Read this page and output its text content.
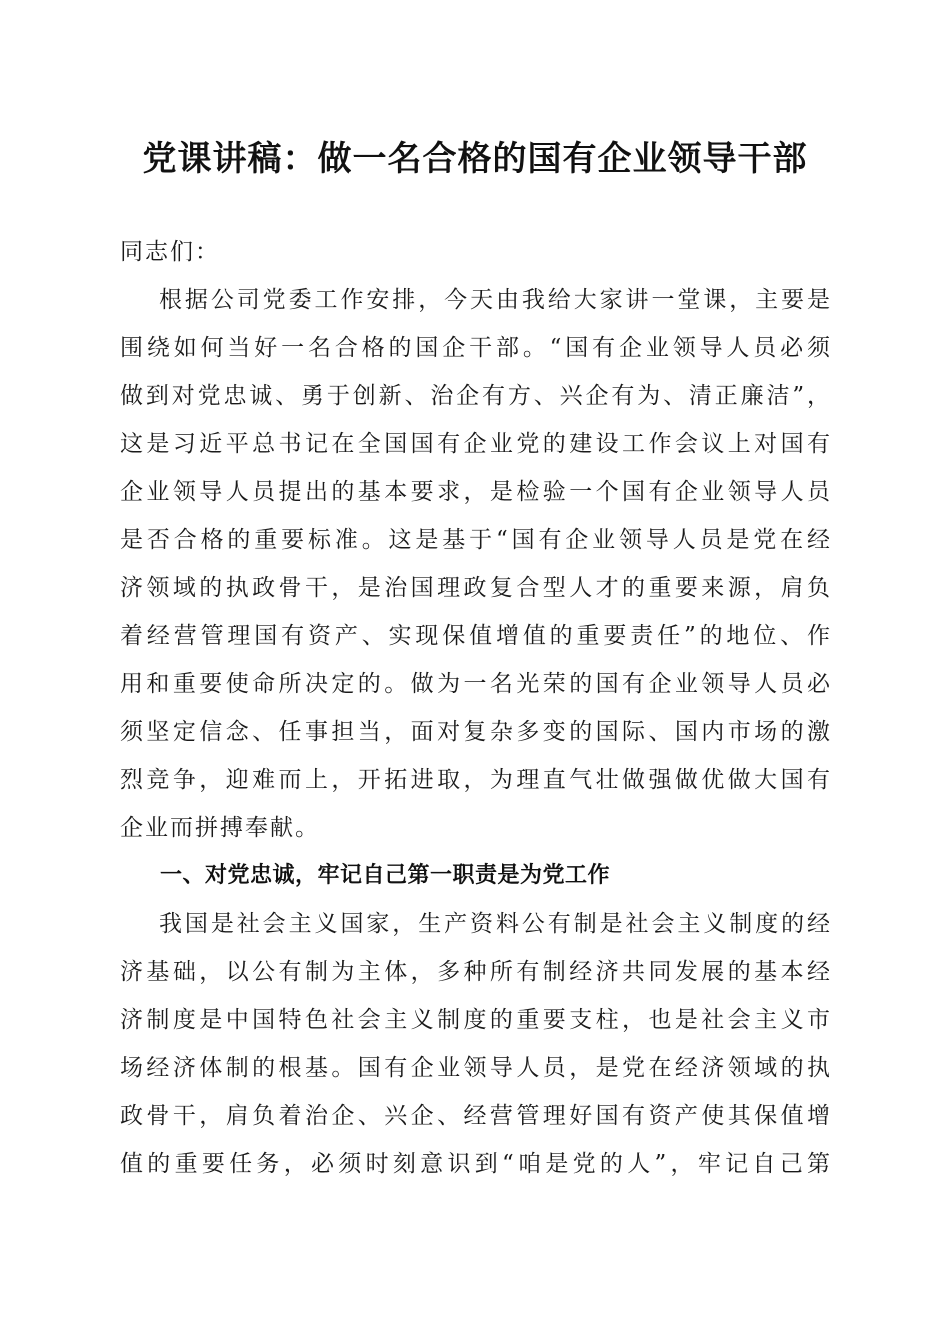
党课讲稿：做一名合格的国有企业领导干部
同志们：
根据公司党委工作安排，今天由我给大家讲一堂课，主要是
围绕如何当好一名合格的国企干部。“国有企业领导人员必须
做到对党忠诚、勇于创新、治企有方、兴企有为、清正廉洁”，
这是习近平总书记在全国国有企业党的建设工作会议上对国有
企业领导人员提出的基本要求，是检验一个国有企业领导人员
是否合格的重要标准。这是基于“国有企业领导人员是党在经
济领域的执政骨干，是治国理政复合型人才的重要来源，肩负
着经营管理国有资产、实现保值增值的重要责任”的地位、作
用和重要使命所决定的。做为一名光荣的国有企业领导人员必
须坚定信念、任事担当，面对复杂多变的国际、国内市场的激
烈竞争，迎难而上，开拓进取，为理直气壮做强做优做大国有
企业而拼搏奉献。
一、对党忠诚，牢记自己第一职责是为党工作
我国是社会主义国家，生产资料公有制是社会主义制度的经
济基础，以公有制为主体，多种所有制经济共同发展的基本经
济制度是中国特色社会主义制度的重要支柱，也是社会主义市
场经济体制的根基。国有企业领导人员，是党在经济领域的执
政骨干，肩负着治企、兴企、经营管理好国有资产使其保值增
值的重要任务，必须时刻意识到“咱是党的人”，牢记自己第
